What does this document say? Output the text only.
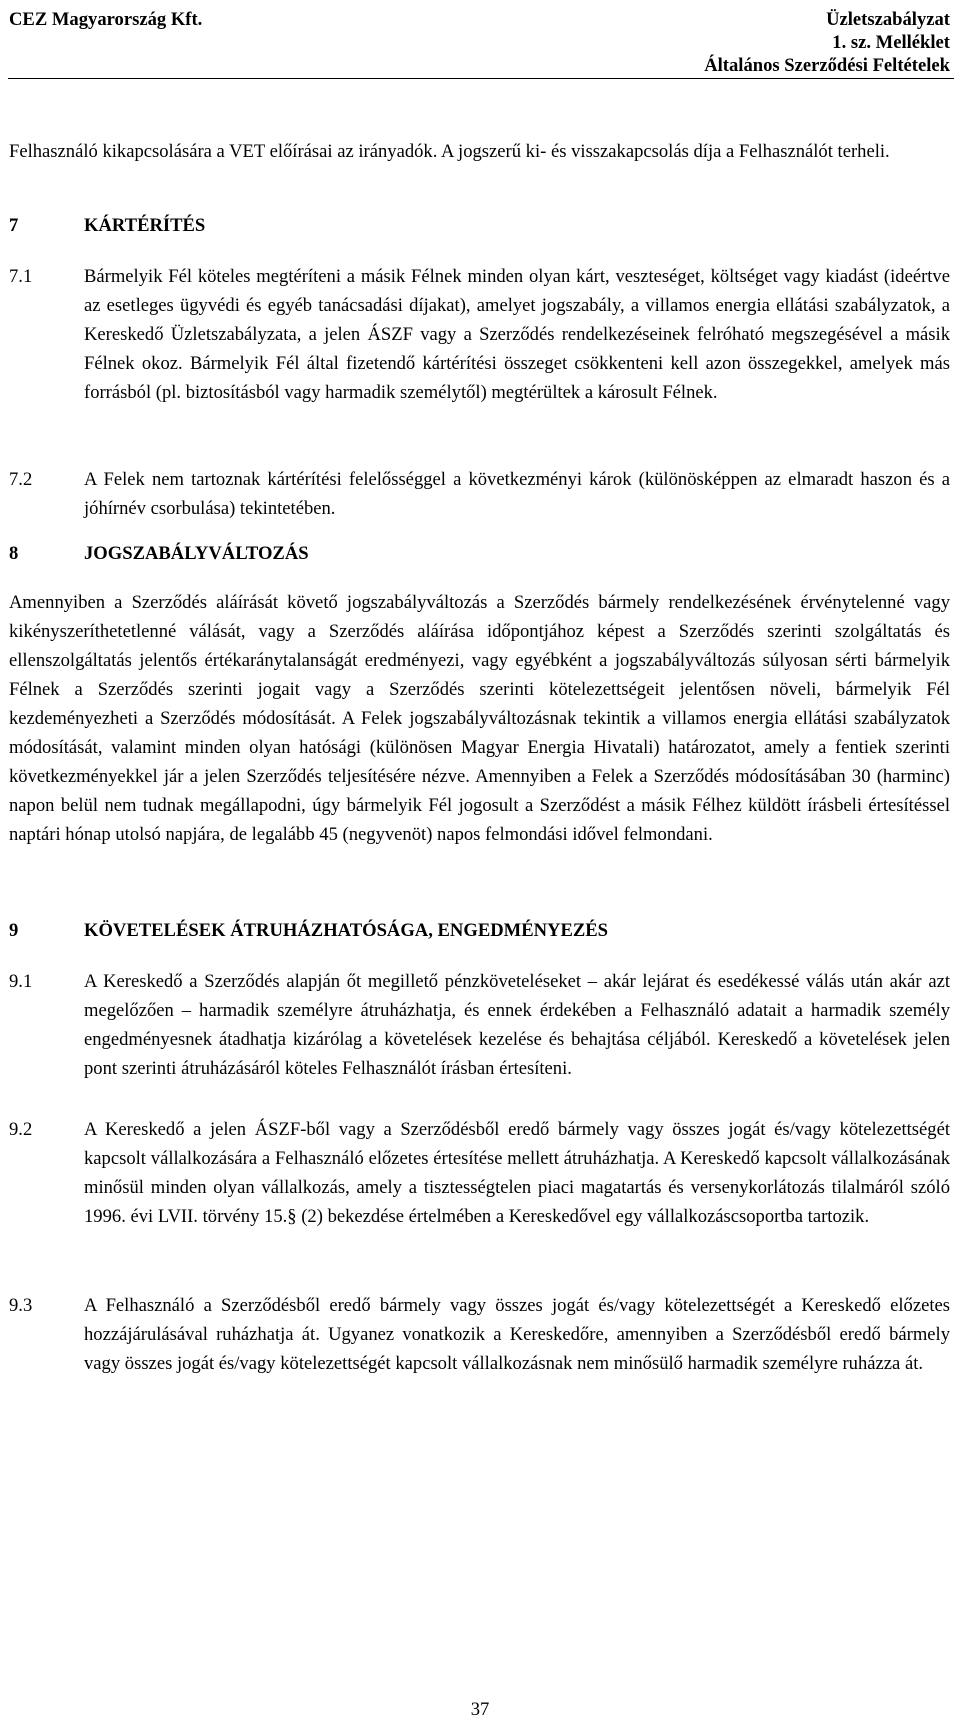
CEZ Magyarország Kft.	Üzletszabályzat
1. sz. Melléklet
Általános Szerződési Feltételek
Felhasználó kikapcsolására a VET előírásai az irányadók. A jogszerű ki- és visszakapcsolás díja a Felhasználót terheli.
7	KÁRTÉRÍTÉS
7.1	Bármelyik Fél köteles megtéríteni a másik Félnek minden olyan kárt, veszteséget, költséget vagy kiadást (ideértve az esetleges ügyvédi és egyéb tanácsadási díjakat), amelyet jogszabály, a villamos energia ellátási szabályzatok, a Kereskedő Üzletszabályzata, a jelen ÁSZF vagy a Szerződés rendelkezéseinek felróható megszegésével a másik Félnek okoz. Bármelyik Fél által fizetendő kártérítési összeget csökkenteni kell azon összegekkel, amelyek más forrásból (pl. biztosításból vagy harmadik személytől) megtérültek a károsult Félnek.
7.2	A Felek nem tartoznak kártérítési felelősséggel a következményi károk (különösképpen az elmaradt haszon és a jóhírnév csorbulása) tekintetében.
8	JOGSZABÁLYVÁLTOZÁS
Amennyiben a Szerződés aláírását követő jogszabályváltozás a Szerződés bármely rendelkezésének érvénytelenné vagy kikényszeríthetetlenné válását, vagy a Szerződés aláírása időpontjához képest a Szerződés szerinti szolgáltatás és ellenszolgáltatás jelentős értékaránytalanságát eredményezi, vagy egyébként a jogszabályváltozás súlyosan sérti bármelyik Félnek a Szerződés szerinti jogait vagy a Szerződés szerinti kötelezettségeit jelentősen növeli, bármelyik Fél kezdeményezheti a Szerződés módosítását. A Felek jogszabályváltozásnak tekintik a villamos energia ellátási szabályzatok módosítását, valamint minden olyan hatósági (különösen Magyar Energia Hivatali) határozatot, amely a fentiek szerinti következményekkel jár a jelen Szerződés teljesítésére nézve. Amennyiben a Felek a Szerződés módosításában 30 (harminc) napon belül nem tudnak megállapodni, úgy bármelyik Fél jogosult a Szerződést a másik Félhez küldött írásbeli értesítéssel naptári hónap utolsó napjára, de legalább 45 (negyvenöt) napos felmondási idővel felmondani.
9	KÖVETELÉSEK ÁTRUHÁZHATÓSÁGA, ENGEDMÉNYEZÉS
9.1	A Kereskedő a Szerződés alapján őt megillető pénzköveteléseket – akár lejárat és esedékessé válás után akár azt megelőzően – harmadik személyre átruházhatja, és ennek érdekében a Felhasználó adatait a harmadik személy engedményesnek átadhatja kizárólag a követelések kezelése és behajtása céljából. Kereskedő a követelések jelen pont szerinti átruházásáról köteles Felhasználót írásban értesíteni.
9.2	A Kereskedő a jelen ÁSZF-ből vagy a Szerződésből eredő bármely vagy összes jogát és/vagy kötelezettségét kapcsolt vállalkozására a Felhasználó előzetes értesítése mellett átruházhatja. A Kereskedő kapcsolt vállalkozásának minősül minden olyan vállalkozás, amely a tisztességtelen piaci magatartás és versenykorlátozás tilalmáról szóló 1996. évi LVII. törvény 15.§ (2) bekezdése értelmében a Kereskedővel egy vállalkozáscsoportba tartozik.
9.3	A Felhasználó a Szerződésből eredő bármely vagy összes jogát és/vagy kötelezettségét a Kereskedő előzetes hozzájárulásával ruházhatja át. Ugyanez vonatkozik a Kereskedőre, amennyiben a Szerződésből eredő bármely vagy összes jogát és/vagy kötelezettségét kapcsolt vállalkozásnak nem minősülő harmadik személyre ruházza át.
37
